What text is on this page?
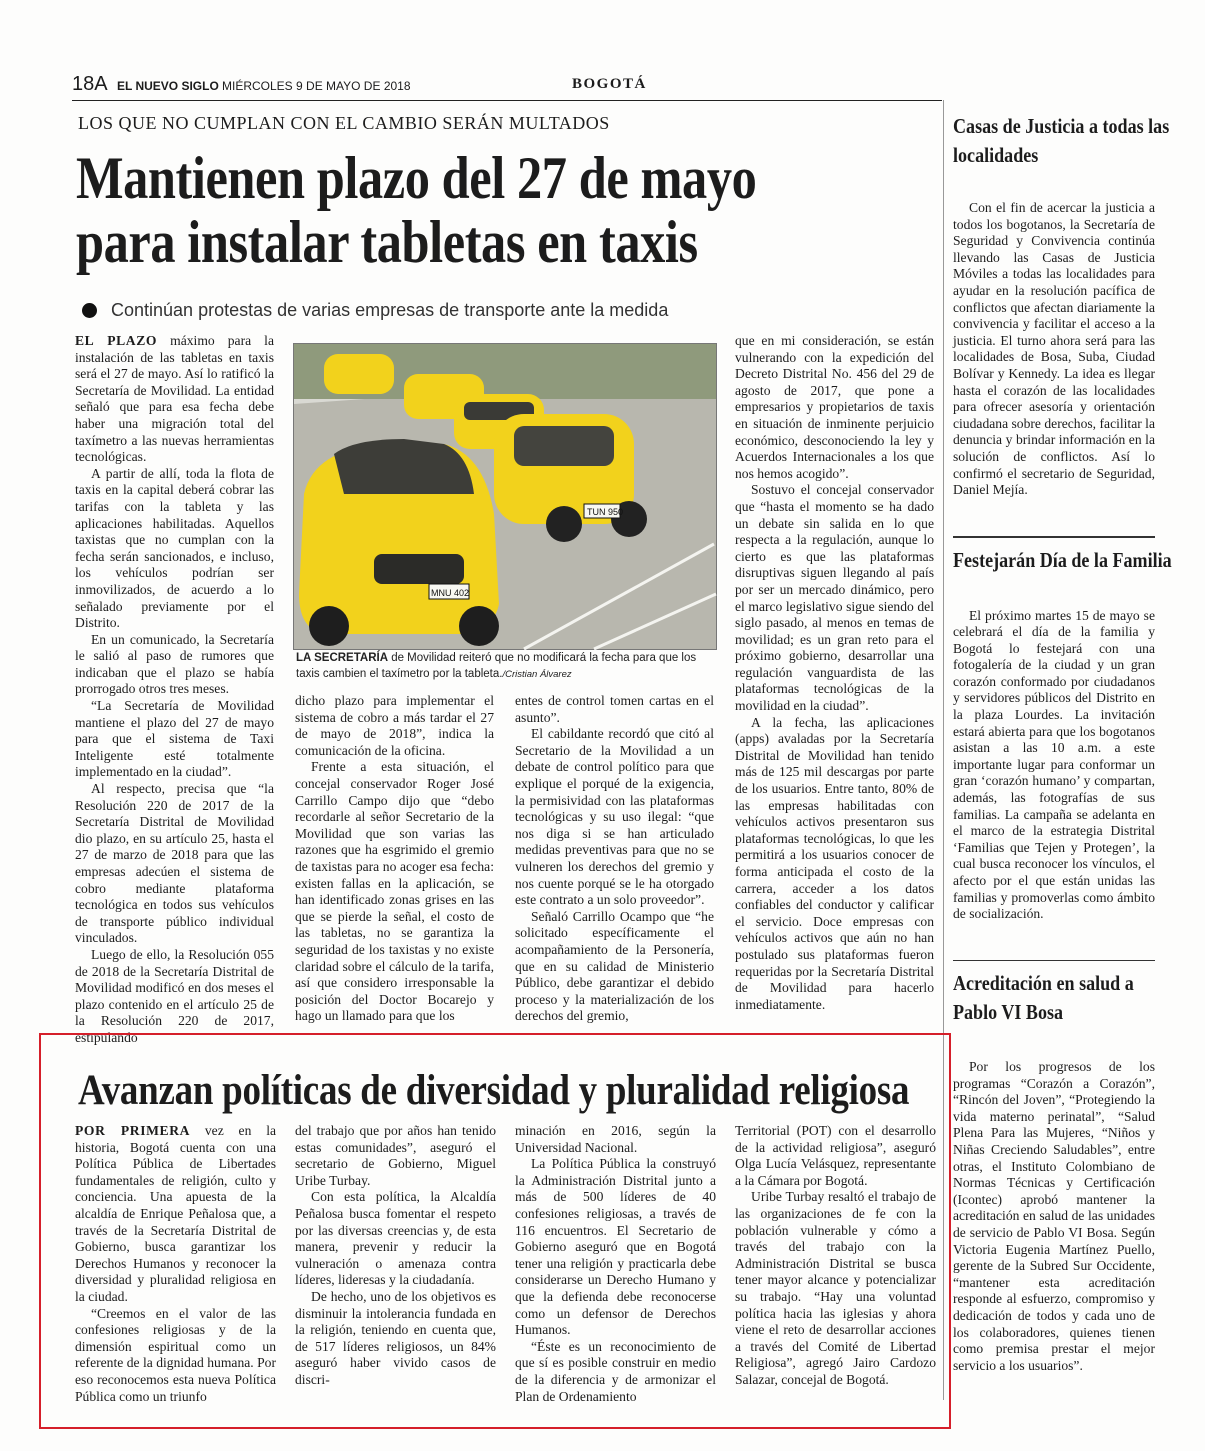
18A EL NUEVO SIGLO MIÉRCOLES 9 DE MAYO DE 2018	BOGOTÁ
LOS QUE NO CUMPLAN CON EL CAMBIO SERÁN MULTADOS
Mantienen plazo del 27 de mayo
para instalar tabletas en taxis
Continúan protestas de varias empresas de transporte ante la medida

EL PLAZO máximo para la instalación de las tabletas en taxis será el 27 de mayo. Así lo ratificó la Secretaría de Movilidad. La entidad señaló que para esa fecha debe haber una migración total del taxímetro a las nuevas herramientas tecnológicas.

A partir de allí, toda la flota de taxis en la capital deberá cobrar las tarifas con la tableta y las aplicaciones habilitadas. Aquellos taxistas que no cumplan con la fecha serán sancionados, e incluso, los vehículos podrían ser inmovilizados, de acuerdo a lo señalado previamente por el Distrito.

En un comunicado, la Secretaría le salió al paso de rumores que indicaban que el plazo se había prorrogado otros tres meses.

“La Secretaría de Movilidad mantiene el plazo del 27 de mayo para que el sistema de Taxi Inteligente esté totalmente implementado en la ciudad”.

Al respecto, precisa que “la Resolución 220 de 2017 de la Secretaría Distrital de Movilidad dio plazo, en su artículo 25, hasta el 27 de marzo de 2018 para que las empresas adecúen el sistema de cobro mediante plataforma tecnológica en todos sus vehículos de transporte público individual vinculados.

Luego de ello, la Resolución 055 de 2018 de la Secretaría Distrital de Movilidad modificó en dos meses el plazo contenido en el artículo 25 de la Resolución 220 de 2017, estipulando

dicho plazo para implementar el sistema de cobro a más tardar el 27 de mayo de 2018”, indica la comunicación de la oficina.

Frente a esta situación, el concejal conservador Roger José Carrillo Campo dijo que “debo recordarle al señor Secretario de la Movilidad que son varias las razones que ha esgrimido el gremio de taxistas para no acoger esa fecha: existen fallas en la aplicación, se han identificado zonas grises en las que se pierde la señal, el costo de las tabletas, no se garantiza la seguridad de los taxistas y no existe claridad sobre el cálculo de la tarifa, así que considero irresponsable la posición del Doctor Bocarejo y hago un llamado para que los

entes de control tomen cartas en el asunto”.

El cabildante recordó que citó al Secretario de la Movilidad a un debate de control político para que explique el porqué de la exigencia, la permisividad con las plataformas tecnológicas y su uso ilegal: “que nos diga si se han articulado medidas preventivas para que no se vulneren los derechos del gremio y nos cuente porqué se le ha otorgado este contrato a un solo proveedor”.

Señaló Carrillo Ocampo que “he solicitado específicamente el acompañamiento de la Personería, que en su calidad de Ministerio Público, debe garantizar el debido proceso y la materialización de los derechos del gremio,

que en mi consideración, se están vulnerando con la expedición del Decreto Distrital No. 456 del 29 de agosto de 2017, que pone a empresarios y propietarios de taxis en situación de inminente perjuicio económico, desconociendo la ley y Acuerdos Internacionales a los que nos hemos acogido”.

Sostuvo el concejal conservador que “hasta el momento se ha dado un debate sin salida en lo que respecta a la regulación, aunque lo cierto es que las plataformas disruptivas siguen llegando al país por ser un mercado dinámico, pero el marco legislativo sigue siendo del siglo pasado, al menos en temas de movilidad; es un gran reto para el próximo gobierno, desarrollar una regulación vanguardista de las plataformas tecnológicas de la movilidad en la ciudad”.

A la fecha, las aplicaciones (apps) avaladas por la Secretaría Distrital de Movilidad han tenido más de 125 mil descargas por parte de los usuarios. Entre tanto, 80% de las empresas habilitadas con vehículos activos presentaron sus plataformas tecnológicas, lo que les permitirá a los usuarios conocer de forma anticipada el costo de la carrera, acceder a los datos confiables del conductor y calificar el servicio. Doce empresas con vehículos activos que aún no han postulado sus plataformas fueron requeridas por la Secretaría Distrital de Movilidad para hacerlo inmediatamente.

TUN 950
MNU 402
LA SECRETARÍA de Movilidad reiteró que no modificará la fecha para que los taxis cambien el taxímetro por la tableta./Cristian Álvarez
Casas de Justicia a todas las localidades

Con el fin de acercar la justicia a todos los bogotanos, la Secretaría de Seguridad y Convivencia continúa llevando las Casas de Justicia Móviles a todas las localidades para ayudar en la resolución pacífica de conflictos que afectan diariamente la convivencia y facilitar el acceso a la justicia. El turno ahora será para las localidades de Bosa, Suba, Ciudad Bolívar y Kennedy. La idea es llegar hasta el corazón de las localidades para ofrecer asesoría y orientación ciudadana sobre derechos, facilitar la denuncia y brindar información en la solución de conflictos. Así lo confirmó el secretario de Seguridad, Daniel Mejía.

Festejarán Día de la Familia

El próximo martes 15 de mayo se celebrará el día de la familia y Bogotá lo festejará con una fotogalería de la ciudad y un gran corazón conformado por ciudadanos y servidores públicos del Distrito en la plaza Lourdes. La invitación estará abierta para que los bogotanos asistan a las 10 a.m. a este importante lugar para conformar un gran ‘corazón humano’ y compartan, además, las fotografías de sus familias. La campaña se adelanta en el marco de la estrategia Distrital ‘Familias que Tejen y Protegen’, la cual busca reconocer los vínculos, el afecto por el que están unidas las familias y promoverlas como ámbito de socialización.

Acreditación en salud a Pablo VI Bosa

Por los progresos de los programas “Corazón a Corazón”, “Rincón del Joven”, “Protegiendo la vida materno perinatal”, “Salud Plena Para las Mujeres, “Niños y Niñas Creciendo Saludables”, entre otras, el Instituto Colombiano de Normas Técnicas y Certificación (Icontec) aprobó mantener la acreditación en salud de las unidades de servicio de Pablo VI Bosa. Según Victoria Eugenia Martínez Puello, gerente de la Subred Sur Occidente, “mantener esta acreditación responde al esfuerzo, compromiso y dedicación de todos y cada uno de los colaboradores, quienes tienen como premisa prestar el mejor servicio a los usuarios”.

Avanzan políticas de diversidad y pluralidad religiosa

POR PRIMERA vez en la historia, Bogotá cuenta con una Política Pública de Libertades fundamentales de religión, culto y conciencia. Una apuesta de la alcaldía de Enrique Peñalosa que, a través de la Secretaría Distrital de Gobierno, busca garantizar los Derechos Humanos y reconocer la diversidad y pluralidad religiosa en la ciudad.

“Creemos en el valor de las confesiones religiosas y de la dimensión espiritual como un referente de la dignidad humana. Por eso reconocemos esta nueva Política Pública como un triunfo

del trabajo que por años han tenido estas comunidades”, aseguró el secretario de Gobierno, Miguel Uribe Turbay.

Con esta política, la Alcaldía Peñalosa busca fomentar el respeto por las diversas creencias y, de esta manera, prevenir y reducir la vulneración o amenaza contra líderes, lideresas y la ciudadanía.

De hecho, uno de los objetivos es disminuir la intolerancia fundada en la religión, teniendo en cuenta que, de 517 líderes religiosos, un 84% aseguró haber vivido casos de discri-

minación en 2016, según la Universidad Nacional.

La Política Pública la construyó la Administración Distrital junto a más de 500 líderes de 40 confesiones religiosas, a través de 116 encuentros. El Secretario de Gobierno aseguró que en Bogotá tener una religión y practicarla debe considerarse un Derecho Humano y que la defienda debe reconocerse como un defensor de Derechos Humanos.

“Éste es un reconocimiento de que sí es posible construir en medio de la diferencia y de armonizar el Plan de Ordenamiento

Territorial (POT) con el desarrollo de la actividad religiosa”, aseguró Olga Lucía Velásquez, representante a la Cámara por Bogotá.

Uribe Turbay resaltó el trabajo de las organizaciones de fe con la población vulnerable y cómo a través del trabajo con la Administración Distrital se busca tener mayor alcance y potencializar su trabajo. “Hay una voluntad política hacia las iglesias y ahora viene el reto de desarrollar acciones a través del Comité de Libertad Religiosa”, agregó Jairo Cardozo Salazar, concejal de Bogotá.
